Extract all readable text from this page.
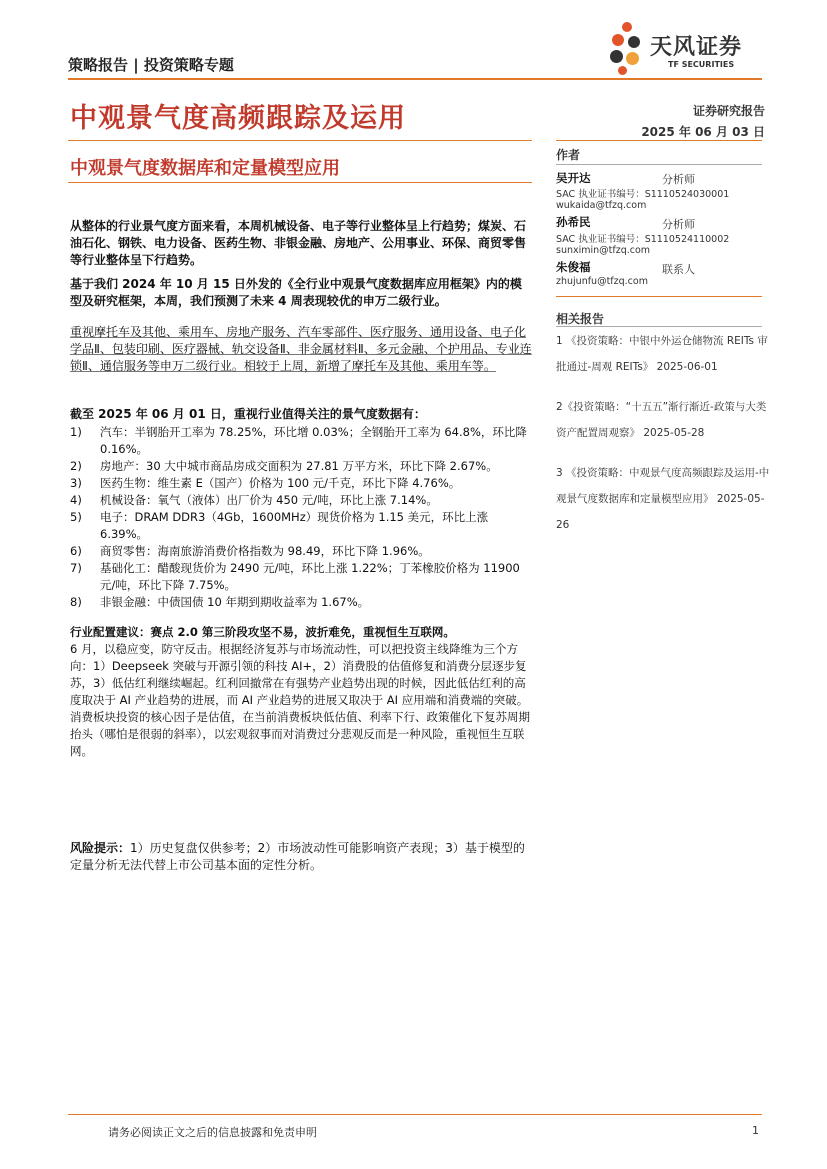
天风证券
TF SECURITIES
策略报告 | 投资策略专题
中观景气度高频跟踪及运用	证券研究报告
2025 年 06 月 03 日
中观景气度数据库和定量模型应用
作者
吴开达	分析师
SAC 执业证书编号：S1110524030001
wukaida@tfzq.com
孙希民	分析师
SAC 执业证书编号：S1110524110002
sunximin@tfzq.com
朱俊福	联系人
zhujunfu@tfzq.com
相关报告
1 《投资策略：中银中外运仓储物流 REITs 审批通过-周观 REITs》 2025-06-01
2《投资策略：“十五五”渐行渐近-政策与大类资产配置周观察》 2025-05-28
3 《投资策略：中观景气度高频跟踪及运用-中观景气度数据库和定量模型应用》 2025-05-26
从整体的行业景气度方面来看，本周机械设备、电子等行业整体呈上行趋势；煤炭、石油石化、钢铁、电力设备、医药生物、非银金融、房地产、公用事业、环保、商贸零售等行业整体呈下行趋势。
基于我们 2024 年 10 月 15 日外发的《全行业中观景气度数据库应用框架》内的模型及研究框架，本周，我们预测了未来 4 周表现较优的申万二级行业。
重视摩托车及其他、乘用车、房地产服务、汽车零部件、医疗服务、通用设备、电子化学品Ⅱ、包装印刷、医疗器械、轨交设备Ⅱ、非金属材料Ⅱ、多元金融、个护用品、专业连锁Ⅱ、通信服务等申万二级行业。相较于上周，新增了摩托车及其他、乘用车等。
截至 2025 年 06 月 01 日，重视行业值得关注的景气度数据有：
1)	汽车：半钢胎开工率为 78.25%，环比增 0.03%；全钢胎开工率为 64.8%，环比降 0.16%。
2)	房地产：30 大中城市商品房成交面积为 27.81 万平方米，环比下降 2.67%。
3)	医药生物：维生素 E（国产）价格为 100 元/千克，环比下降 4.76%。
4)	机械设备：氧气（液体）出厂价为 450 元/吨，环比上涨 7.14%。
5)	电子：DRAM DDR3（4Gb，1600MHz）现货价格为 1.15 美元，环比上涨 6.39%。
6)	商贸零售：海南旅游消费价格指数为 98.49，环比下降 1.96%。
7)	基础化工：醋酸现货价为 2490 元/吨，环比上涨 1.22%；丁苯橡胶价格为 11900 元/吨，环比下降 7.75%。
8)	非银金融：中债国债 10 年期到期收益率为 1.67%。
行业配置建议：赛点 2.0 第三阶段攻坚不易，波折难免，重视恒生互联网。
6 月，以稳应变，防守反击。根据经济复苏与市场流动性，可以把投资主线降维为三个方向：1）Deepseek 突破与开源引领的科技 AI+，2）消费股的估值修复和消费分层逐步复苏，3）低估红利继续崛起。红利回撤常在有强势产业趋势出现的时候，因此低估红利的高度取决于 AI 产业趋势的进展，而 AI 产业趋势的进展又取决于 AI 应用端和消费端的突破。消费板块投资的核心因子是估值，在当前消费板块低估值、利率下行、政策催化下复苏周期抬头（哪怕是很弱的斜率），以宏观叙事而对消费过分悲观反而是一种风险，重视恒生互联网。
风险提示：1）历史复盘仅供参考；2）市场波动性可能影响资产表现；3）基于模型的定量分析无法代替上市公司基本面的定性分析。
请务必阅读正文之后的信息披露和免责申明	1
